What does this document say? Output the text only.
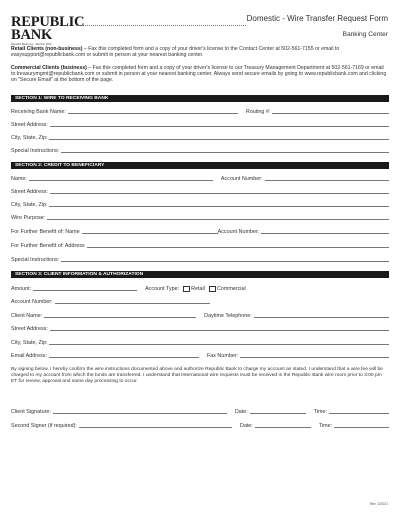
REPUBLIC
BANK
Republic Bank.com · Member FDIC
Domestic - Wire Transfer Request Form
Banking Center
Retail Clients (non-business) – Fax this completed form and a copy of your driver's license to the Contact Center at 502-561-7155 or email to easysupport@republicbank.com or submit in person at your nearest banking center.
Commercial Clients (business) – Fax this completed form and a copy of your driver's license to our Treasury Management Department at 502-561-7169 or email to treasurymgmt@republicbank.com or submit in person at your nearest banking center. Always send secure emails by going to www.republicbank.com and clicking on "Secure Email" at the bottom of the page.
SECTION 1: WIRE TO RECEIVING BANK
Receiving Bank Name:	Routing #:
Street Address:
City, State, Zip:
Special Instructions:
SECTION 2: CREDIT TO BENEFICIARY
Name:	Account Number:
Street Address:
City, State, Zip:
Wire Purpose:
For Further Benefit of: Name	Account Number:
For Further Benefit of: Address
Special Instructions:
SECTION 3: CLIENT INFORMATION & AUTHORIZATION
Amount:	Account Type: Retail Commercial
Account Number:
Client Name:	Daytime Telephone:
Street Address:
City, State, Zip:
Email Address:	Fax Number:
By signing below, I hereby confirm the wire instructions documented above and authorize Republic Bank to charge my account as stated. I understand that a wire fee will be charged to my account from which the funds are transferred. I understand that International wire requests must be received in the Republic Bank wire room prior to 3:00 pm ET for review, approval and same day processing to occur.
Client Signature:	Date:	Time:
Second Signer (if required):	Date:	Time:
Rev. 3/2021
